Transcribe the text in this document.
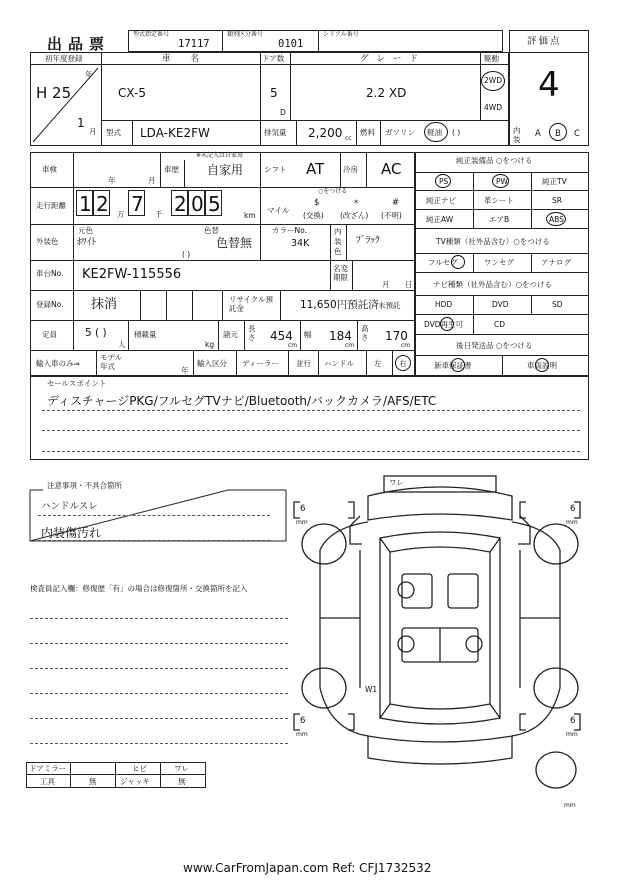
出品票
型式指定番号
17117
類別区分番号
0101
シリアル番号
評価点
4
初年度登録
年
H 25
1
月
車名
CX-5
ドア数
5
D
グレード
2.2 XD
駆動
2WD
4WD
型式 LDA-KE2FW	排気量 2,200 cc
燃料 ガソリン 軽油 ( )	内装
A B C
車検
年	月
車歴
※未記入は自家用
自家用	シフト AT 冷房 AC
走行距離 1 2 万 7 千 2 0 5	km
○をつける
マイル
$
(交換)
*
(改ざん)
#
(不明)
外装色
元色
ﾎﾜｲﾄ
色替
色替無
( )
カラーNo.
34K
内装色
ﾌﾞﾗｯｸ
車台No. KE2FW-115556	名変期限
月 日
登録No. 抹消	リサイクル預託金	11,650円預託済 未預託
定員	5 ( )
人
積載量
kg
諸元
長さ 454
cm
幅 184
cm
高さ 170
cm
輸入車のみ⇒
モデル年式	年
輸入区分 ディーラー 並行 ハンドル	左 右
純正装備品 ○をつける
PS	PW	純正TV
純正ナビ	革シート	SR
純正AW	エアB	ABS
TV種類（社外品含む）○をつける
フルセグ	ワンセグ	アナログ
ナビ種類（社外品含む）○をつける
HDD	DVD	SD
DVD再生可	CD
後日発送品 ○をつける
新車保証書	車両説明
セールスポイント
ディスチャージPKG/フルセグTVナビ/Bluetooth/バックカメラ/AFS/ETC
注意事項・不具合箇所
ハンドルスレ
内装傷汚れ
検査員記入欄：修復歴「有」の場合は修復箇所・交換箇所を記入
ワレ
W1
6
mm
6
mm
6
mm
6
mm
mm
ドアミラー	ヒビ	ワレ
工具	無	ジャッキ	無
www.CarFromJapan.com Ref: CFJ1732532
